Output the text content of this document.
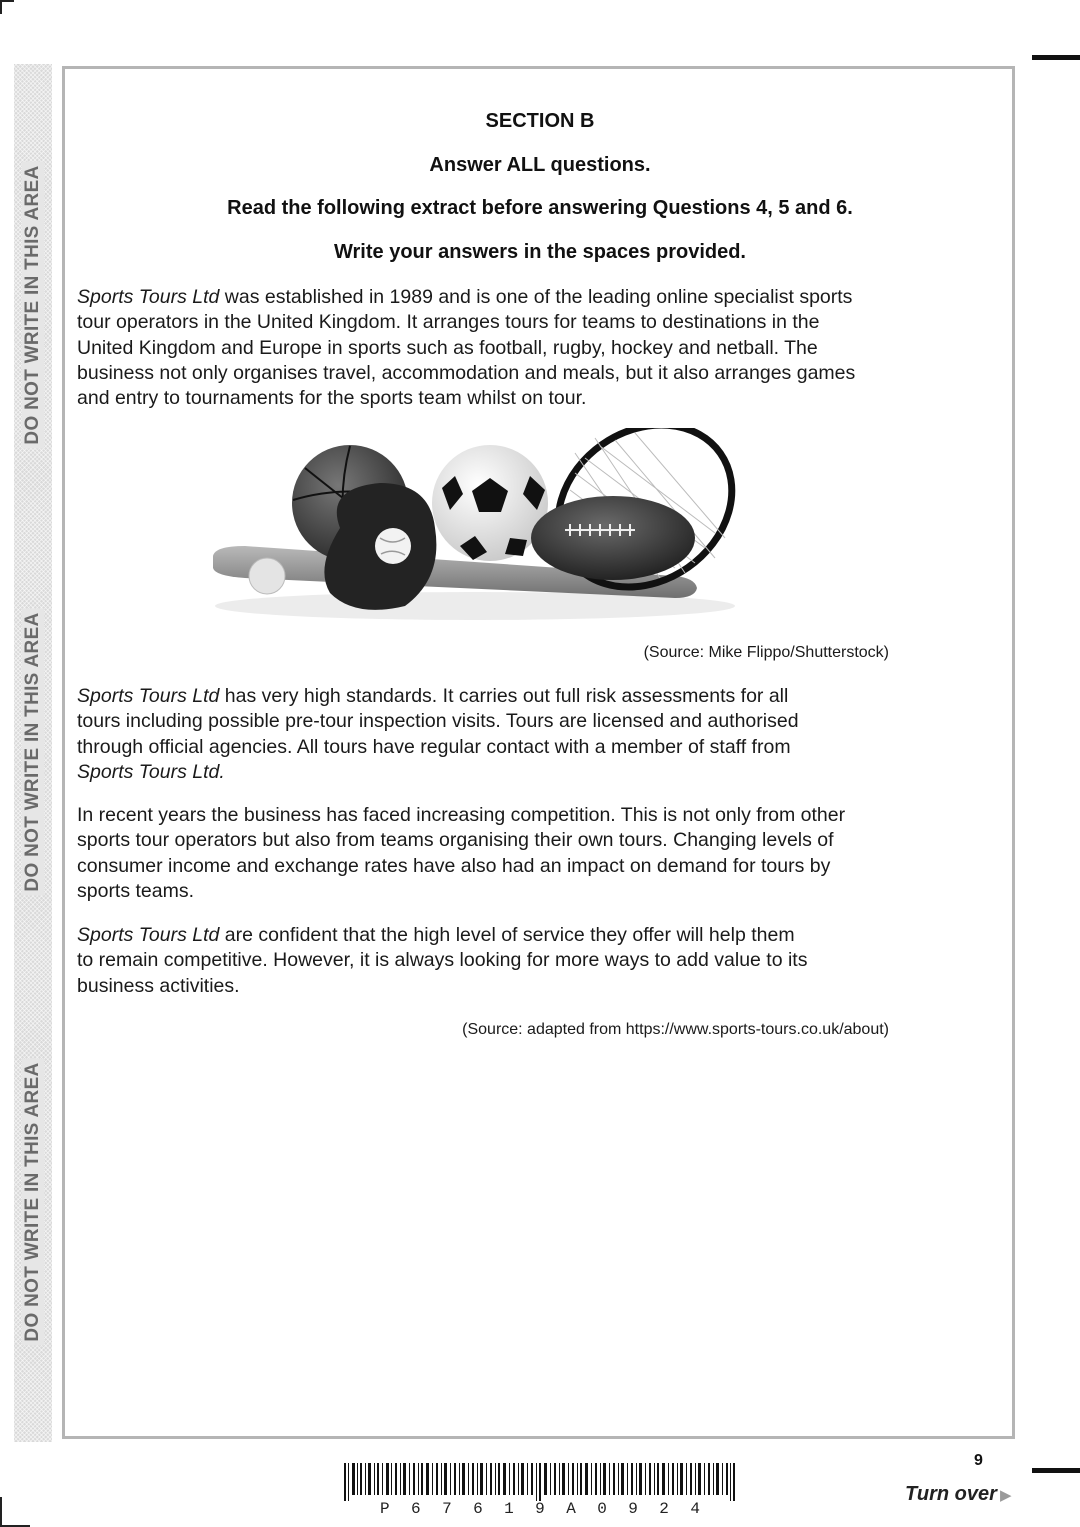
DO NOT WRITE IN THIS AREA
DO NOT WRITE IN THIS AREA
DO NOT WRITE IN THIS AREA
SECTION B
Answer ALL questions.
Read the following extract before answering Questions 4, 5 and 6.
Write your answers in the spaces provided.
Sports Tours Ltd was established in 1989 and is one of the leading online specialist sports
tour operators in the United Kingdom. It arranges tours for teams to destinations in the
United Kingdom and Europe in sports such as football, rugby, hockey and netball. The
business not only organises travel, accommodation and meals, but it also arranges games
and entry to tournaments for the sports team whilst on tour.
(Source: Mike Flippo/Shutterstock)
Sports Tours Ltd has very high standards. It carries out full risk assessments for all
tours including possible pre-tour inspection visits. Tours are licensed and authorised
through official agencies. All tours have regular contact with a member of staff from
Sports Tours Ltd.
In recent years the business has faced increasing competition. This is not only from other
sports tour operators but also from teams organising their own tours. Changing levels of
consumer income and exchange rates have also had an impact on demand for tours by
sports teams.
Sports Tours Ltd are confident that the high level of service they offer will help them
to remain competitive. However, it is always looking for more ways to add value to its
business activities.
(Source: adapted from https://www.sports-tours.co.uk/about)
P 6 7 6 1 9 A 0 9 2 4
9
Turn over ▶
